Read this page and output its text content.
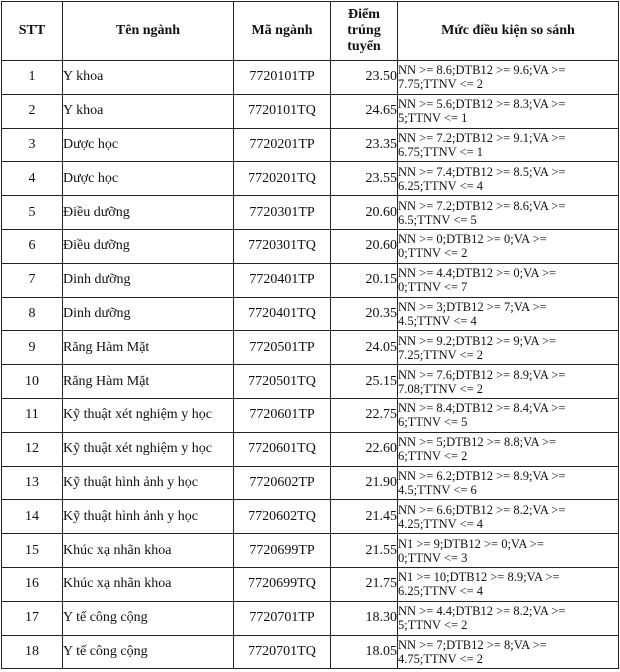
STT	Tên ngành	Mã ngành	Điểm
trúng
tuyển	Mức điều kiện so sánh
1	Y khoa	7720101TP	23.50	NN >= 8.6;DTB12 >= 9.6;VA >=
7.75;TTNV <= 2
2	Y khoa	7720101TQ	24.65	NN >= 5.6;DTB12 >= 8.3;VA >=
5;TTNV <= 1
3	Dược học	7720201TP	23.35	NN >= 7.2;DTB12 >= 9.1;VA >=
6.75;TTNV <= 1
4	Dược học	7720201TQ	23.55	NN >= 7.4;DTB12 >= 8.5;VA >=
6.25;TTNV <= 4
5	Điều dưỡng	7720301TP	20.60	NN >= 7.2;DTB12 >= 8.6;VA >=
6.5;TTNV <= 5
6	Điều dưỡng	7720301TQ	20.60	NN >= 0;DTB12 >= 0;VA >=
0;TTNV <= 2
7	Dinh dưỡng	7720401TP	20.15	NN >= 4.4;DTB12 >= 0;VA >=
0;TTNV <= 7
8	Dinh dưỡng	7720401TQ	20.35	NN >= 3;DTB12 >= 7;VA >=
4.5;TTNV <= 4
9	Răng Hàm Mặt	7720501TP	24.05	NN >= 9.2;DTB12 >= 9;VA >=
7.25;TTNV <= 2
10	Răng Hàm Mặt	7720501TQ	25.15	NN >= 7.6;DTB12 >= 8.9;VA >=
7.08;TTNV <= 2
11	Kỹ thuật xét nghiệm y học	7720601TP	22.75	NN >= 8.4;DTB12 >= 8.4;VA >=
6;TTNV <= 5
12	Kỹ thuật xét nghiệm y học	7720601TQ	22.60	NN >= 5;DTB12 >= 8.8;VA >=
6;TTNV <= 2
13	Kỹ thuật hình ảnh y học	7720602TP	21.90	NN >= 6.2;DTB12 >= 8.9;VA >=
4.5;TTNV <= 6
14	Kỹ thuật hình ảnh y học	7720602TQ	21.45	NN >= 6.6;DTB12 >= 8.2;VA >=
4.25;TTNV <= 4
15	Khúc xạ nhãn khoa	7720699TP	21.55	N1 >= 9;DTB12 >= 0;VA >=
0;TTNV <= 3
16	Khúc xạ nhãn khoa	7720699TQ	21.75	N1 >= 10;DTB12 >= 8.9;VA >=
6.25;TTNV <= 4
17	Y tế công cộng	7720701TP	18.30	NN >= 4.4;DTB12 >= 8.2;VA >=
5;TTNV <= 2
18	Y tế công cộng	7720701TQ	18.05	NN >= 7;DTB12 >= 8;VA >=
4.75;TTNV <= 2
